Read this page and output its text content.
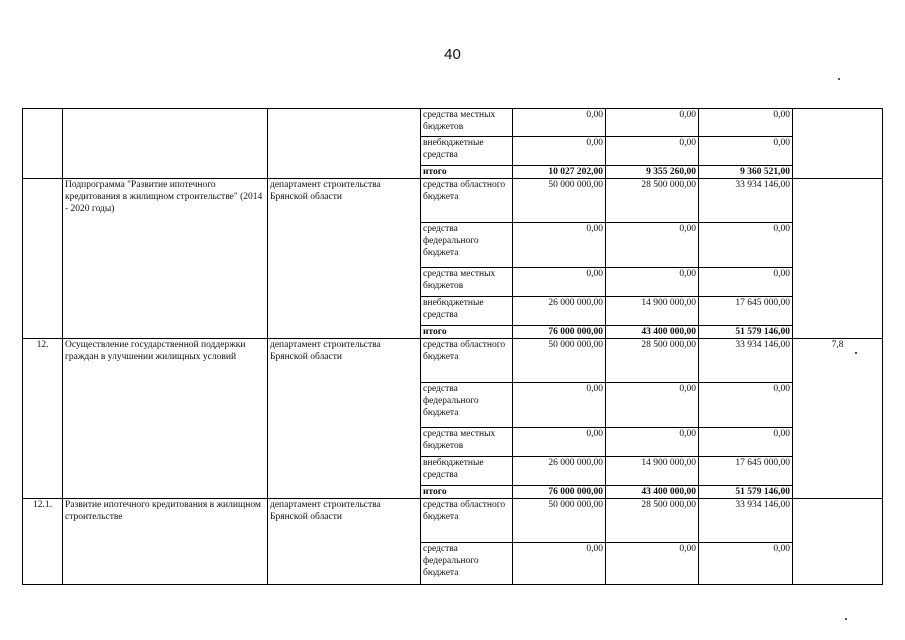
40
			средства местных бюджетов	0,00	0,00	0,00	
			внебюджетные средства	0,00	0,00	0,00	
			итого	10 027 202,00	9 355 260,00	9 360 521,00	
	Подпрограмма "Развитие ипотечного кредитования в жилищном строительстве" (2014 - 2020 годы)	департамент строительства Брянской области	средства областного бюджета	50 000 000,00	28 500 000,00	33 934 146,00	
			средства федерального бюджета	0,00	0,00	0,00	
			средства местных бюджетов	0,00	0,00	0,00	
			внебюджетные средства	26 000 000,00	14 900 000,00	17 645 000,00	
			итого	76 000 000,00	43 400 000,00	51 579 146,00	
12.	Осуществление государственной поддержки граждан в улучшении жилищных условий	департамент строительства Брянской области	средства областного бюджета	50 000 000,00	28 500 000,00	33 934 146,00	7,8
			средства федерального бюджета	0,00	0,00	0,00	
			средства местных бюджетов	0,00	0,00	0,00	
			внебюджетные средства	26 000 000,00	14 900 000,00	17 645 000,00	
			итого	76 000 000,00	43 400 000,00	51 579 146,00	
12.1.	Развитие ипотечного кредитования в жилищном строительстве	департамент строительства Брянской области	средства областного бюджета	50 000 000,00	28 500 000,00	33 934 146,00	
			средства федерального бюджета	0,00	0,00	0,00	
